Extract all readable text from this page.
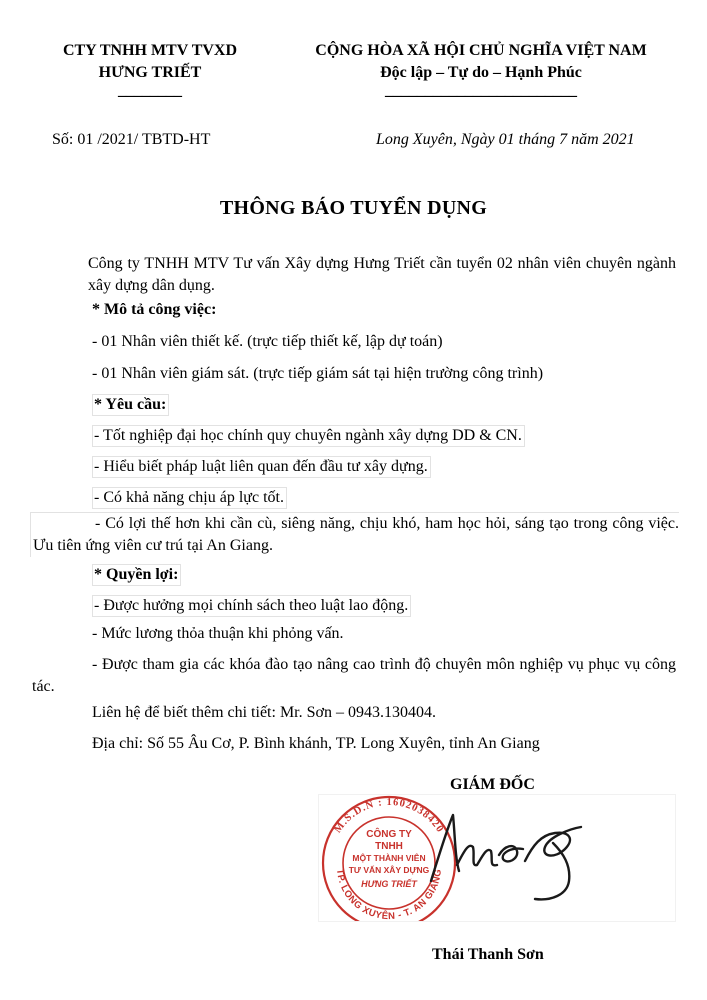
CTY TNHH MTV TVXD
HƯNG TRIẾT
________
CỘNG HÒA XÃ HỘI CHỦ NGHĨA VIỆT NAM
Độc lập – Tự do – Hạnh Phúc
________________________
Số: 01 /2021/ TBTD-HT	Long Xuyên, Ngày 01 tháng 7 năm 2021
THÔNG BÁO TUYỂN DỤNG
Công ty TNHH MTV Tư vấn Xây dựng Hưng Triết cần tuyển 02 nhân viên chuyên ngành xây dựng dân dụng.
* Mô tả công việc:
- 01 Nhân viên thiết kế. (trực tiếp thiết kế, lập dự toán)
- 01 Nhân viên giám sát. (trực tiếp giám sát tại hiện trường công trình)
* Yêu cầu:
- Tốt nghiệp đại học chính quy chuyên ngành xây dựng DD & CN.
- Hiểu biết pháp luật liên quan đến đầu tư xây dựng.
- Có khả năng chịu áp lực tốt.
- Có lợi thế hơn khi cần cù, siêng năng, chịu khó, ham học hỏi, sáng tạo trong công việc. Ưu tiên ứng viên cư trú tại An Giang.
* Quyền lợi:
- Được hưởng mọi chính sách theo luật lao động.
- Mức lương thỏa thuận khi phỏng vấn.
- Được tham gia các khóa đào tạo nâng cao trình độ chuyên môn nghiệp vụ phục vụ công tác.
Liên hệ để biết thêm chi tiết: Mr. Sơn – 0943.130404.
Địa chỉ: Số 55 Âu Cơ, P. Bình khánh, TP. Long Xuyên, tỉnh An Giang
GIÁM ĐỐC
M.S.D.N : 1602038420
TP. LONG XUYÊN - T. AN GIANG
CÔNG TY
TNHH
MỘT THÀNH VIÊN
TƯ VẤN XÂY DỰNG
HƯNG TRIẾT
Thái Thanh Sơn
